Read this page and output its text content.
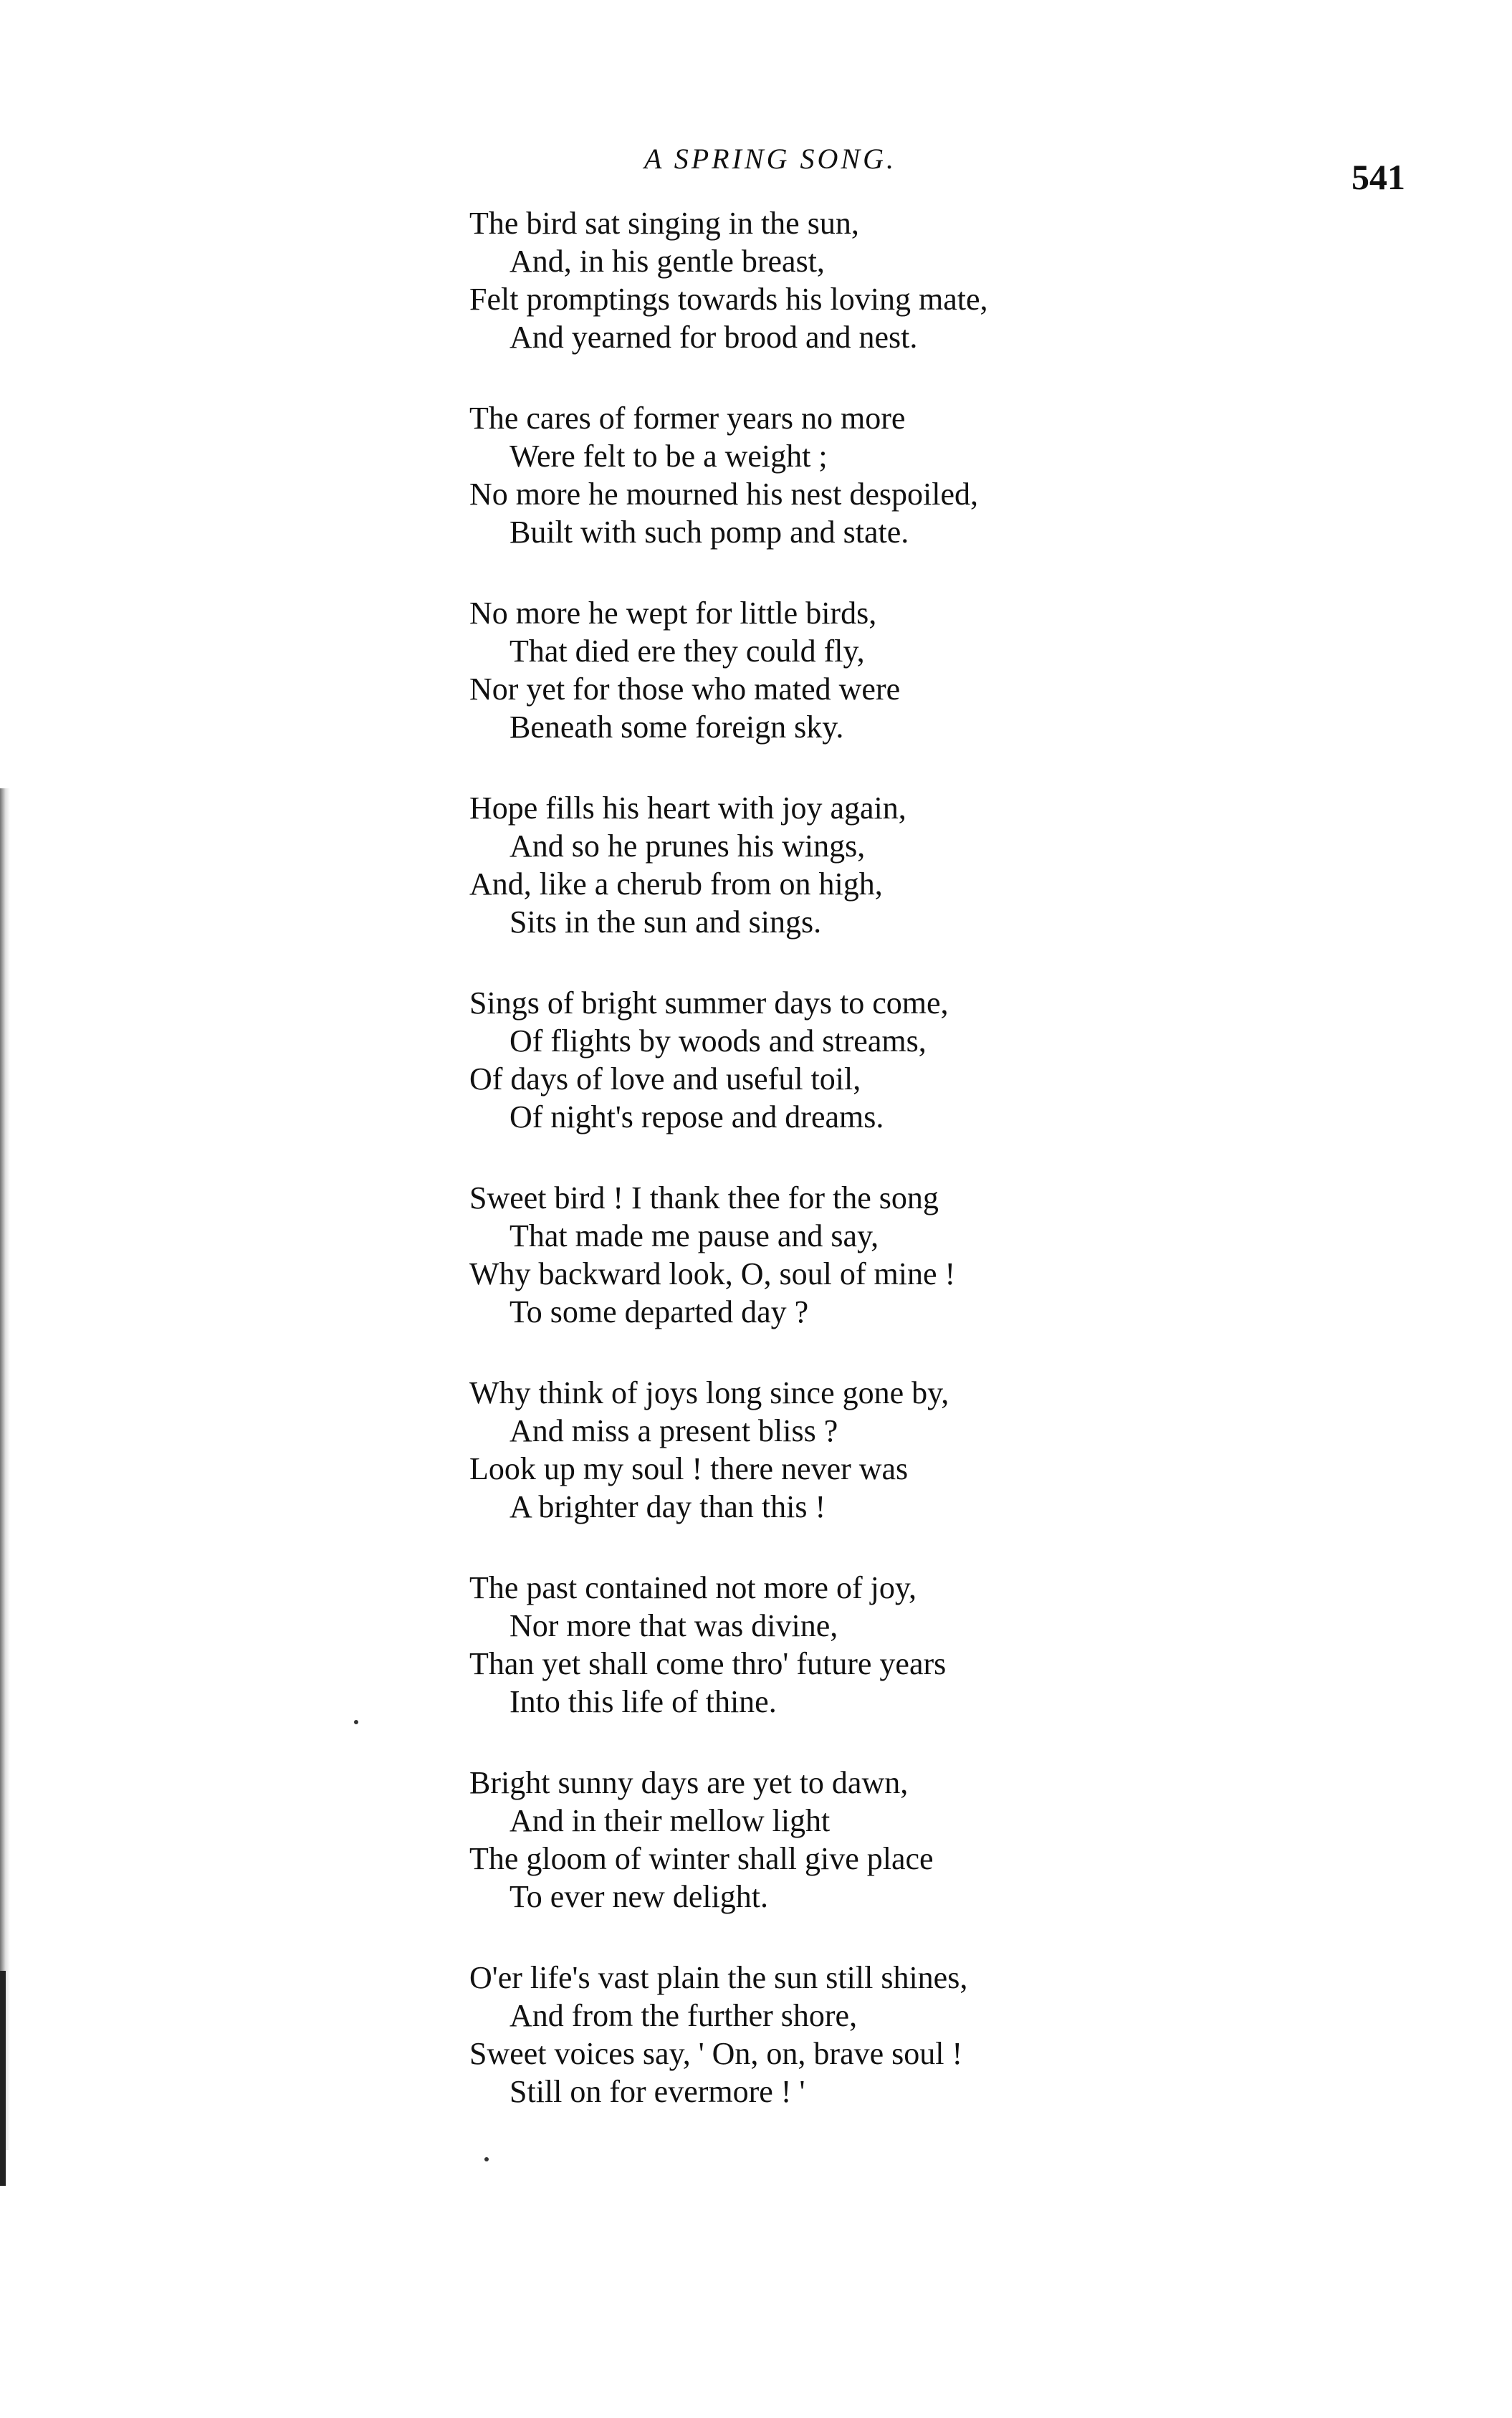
A SPRING SONG.	541
The bird sat singing in the sun,
And, in his gentle breast,
Felt promptings towards his loving mate,
And yearned for brood and nest.
The cares of former years no more
Were felt to be a weight ;
No more he mourned his nest despoiled,
Built with such pomp and state.
No more he wept for little birds,
That died ere they could fly,
Nor yet for those who mated were
Beneath some foreign sky.
Hope fills his heart with joy again,
And so he prunes his wings,
And, like a cherub from on high,
Sits in the sun and sings.
Sings of bright summer days to come,
Of flights by woods and streams,
Of days of love and useful toil,
Of night's repose and dreams.
Sweet bird ! I thank thee for the song
That made me pause and say,
Why backward look, O, soul of mine !
To some departed day ?
Why think of joys long since gone by,
And miss a present bliss ?
Look up my soul ! there never was
A brighter day than this !
The past contained not more of joy,
Nor more that was divine,
Than yet shall come thro' future years
Into this life of thine.
Bright sunny days are yet to dawn,
And in their mellow light
The gloom of winter shall give place
To ever new delight.
O'er life's vast plain the sun still shines,
And from the further shore,
Sweet voices say, ' On, on, brave soul !
Still on for evermore ! '
